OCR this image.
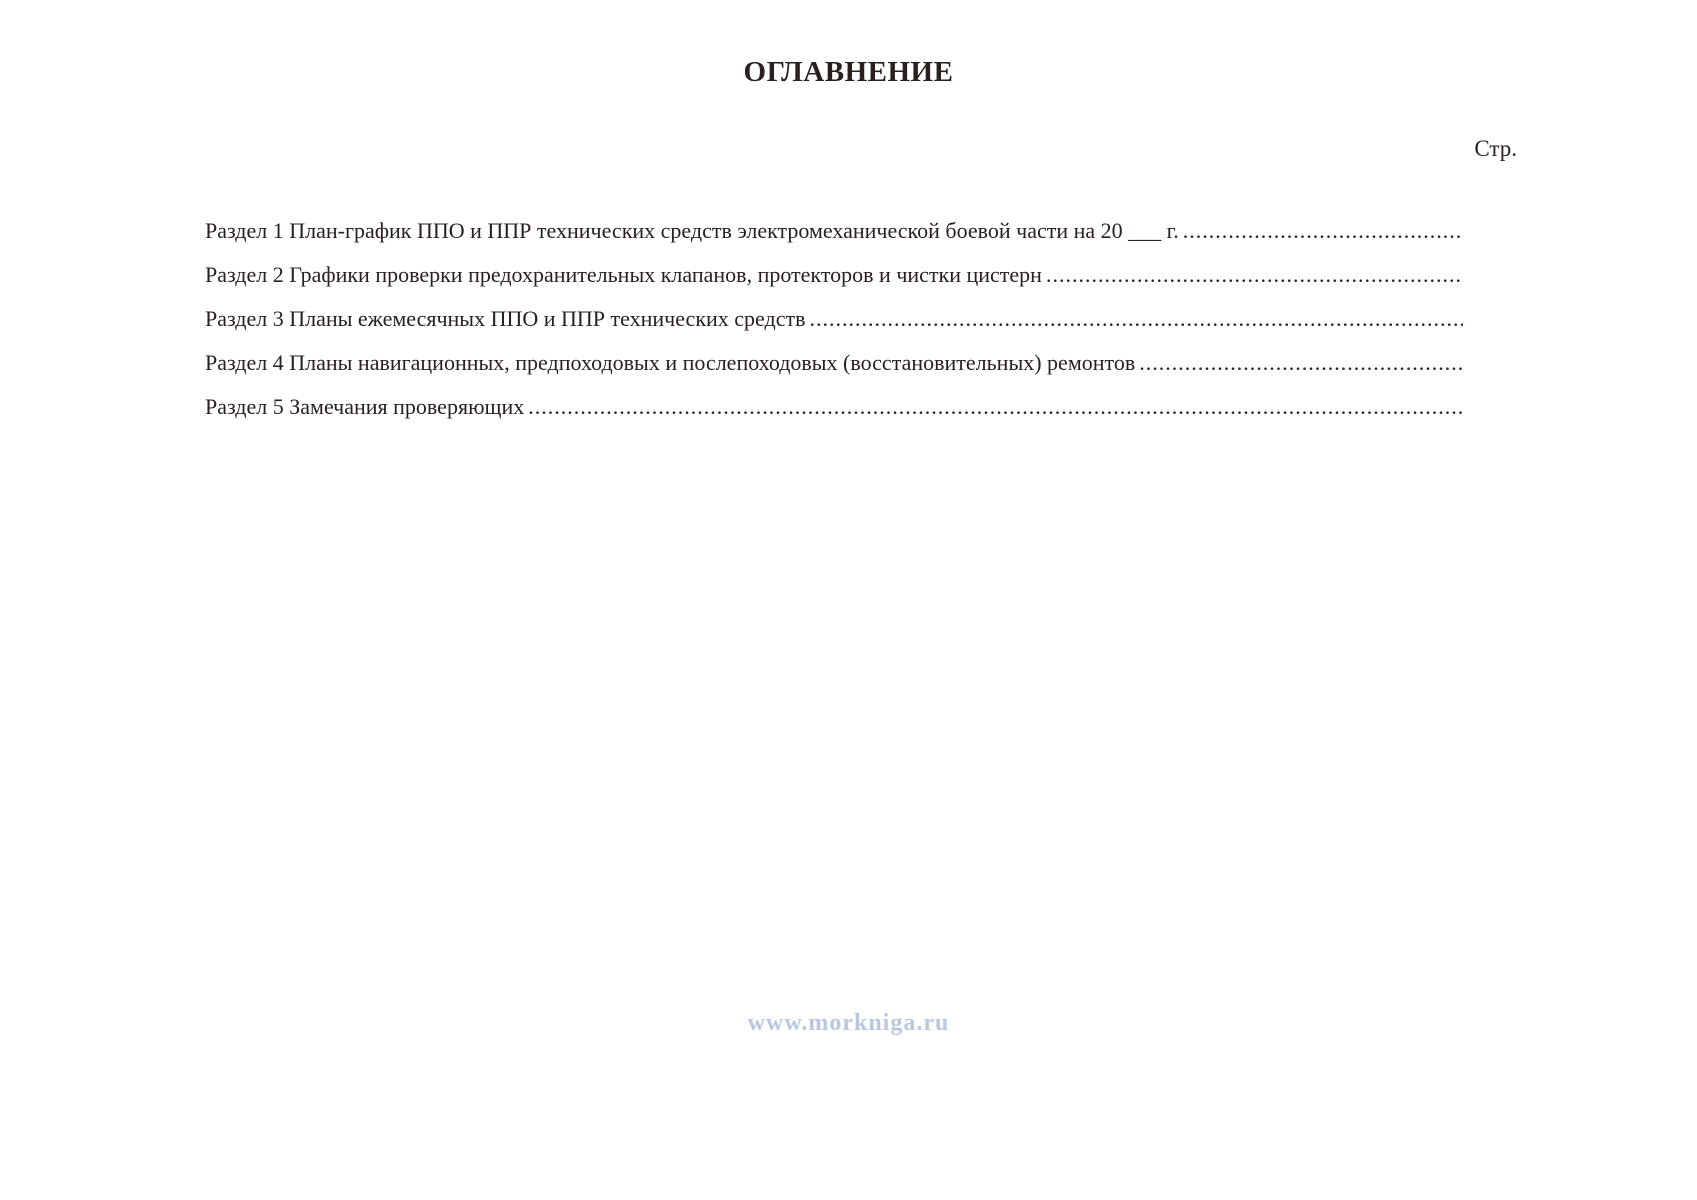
ОГЛАВНЕНИЕ
Стр.
Раздел 1 План-график ППО и ППР технических средств электромеханической боевой части на 20 ___ г.
.....
Раздел 2 Графики проверки предохранительных клапанов, протекторов и чистки цистерн
.....
Раздел 3 Планы ежемесячных ППО и ППР технических средств
.....
Раздел 4 Планы навигационных, предпоходовых и послепоходовых (восстановительных) ремонтов
.....
Раздел 5 Замечания проверяющих
.....
www.morkniga.ru
